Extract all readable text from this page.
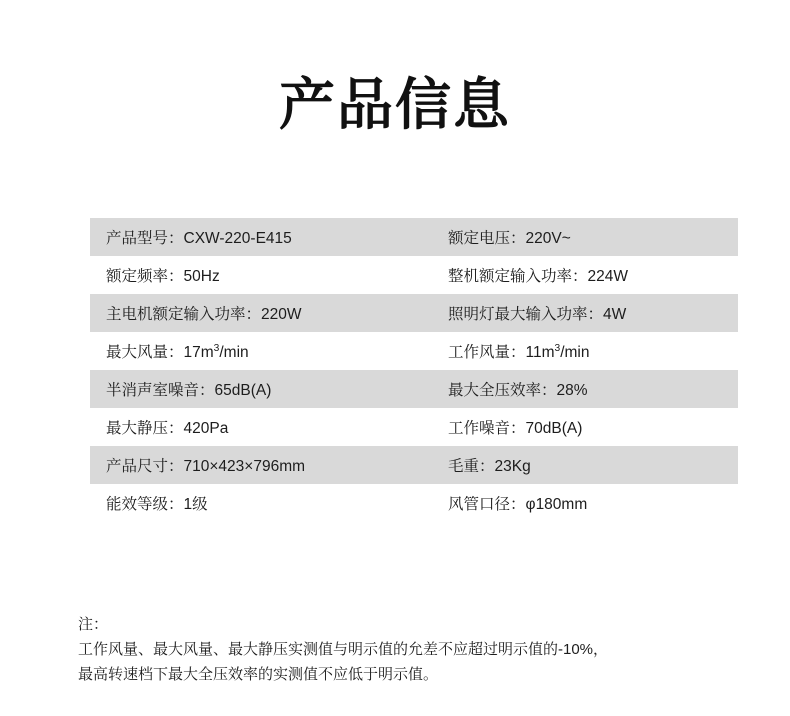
产品信息
产品型号：CXW-220-E415	额定电压：220V~
额定频率：50Hz	整机额定输入功率：224W
主电机额定输入功率：220W	照明灯最大输入功率：4W
最大风量：$17m^3/\min$	工作风量：$11m^3/\min$
半消声室噪音：65dB(A)	最大全压效率：28%
最大静压：420Pa	工作噪音：70dB(A)
产品尺寸：710×423×796mm	毛重：23Kg
能效等级：1级	风管口径：φ180mm
注：
工作风量、最大风量、最大静压实测值与明示值的允差不应超过明示值的-10%，
最高转速档下最大全压效率的实测值不应低于明示值。
